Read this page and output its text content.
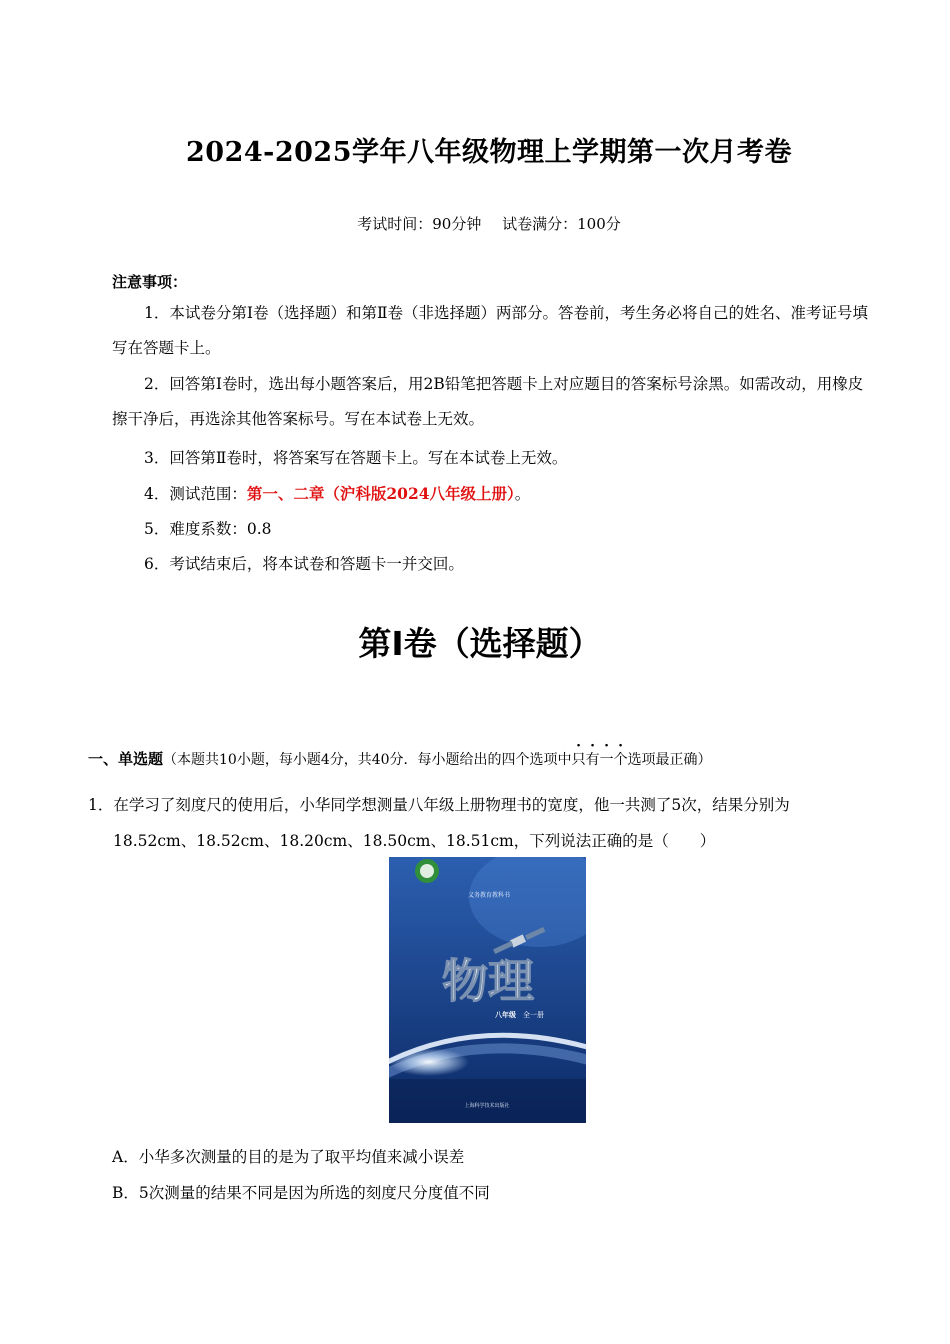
2024-2025学年八年级物理上学期第一次月考卷
考试时间：90分钟 试卷满分：100分
注意事项：
1．本试卷分第Ⅰ卷（选择题）和第Ⅱ卷（非选择题）两部分。答卷前，考生务必将自己的姓名、准考证号填写在答题卡上。
2．回答第Ⅰ卷时，选出每小题答案后，用2B铅笔把答题卡上对应题目的答案标号涂黑。如需改动，用橡皮擦干净后，再选涂其他答案标号。写在本试卷上无效。
3．回答第Ⅱ卷时，将答案写在答题卡上。写在本试卷上无效。
4．测试范围：第一、二章（沪科版2024八年级上册）。
5．难度系数：0.8
6．考试结束后，将本试卷和答题卡一并交回。
第Ⅰ卷（选择题）
一、单选题（本题共10小题，每小题4分，共40分．每小题给出的四个选项中只有一个选项最正确）
1．在学习了刻度尺的使用后，小华同学想测量八年级上册物理书的宽度，他一共测了5次，结果分别为
18.52cm、18.52cm、18.20cm、18.50cm、18.51cm，下列说法正确的是（　　）
义务教育教科书
物理
八年级 全一册
上海科学技术出版社
A．小华多次测量的目的是为了取平均值来减小误差
B．5次测量的结果不同是因为所选的刻度尺分度值不同
